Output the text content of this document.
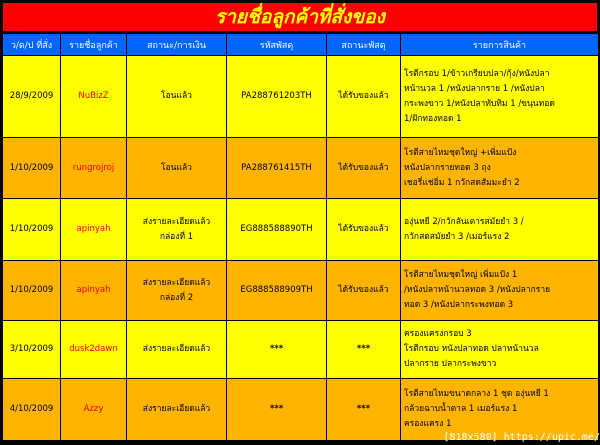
รายชื่อลูกค้าที่สั่งของ
ว/ด/ป ที่สั่ง	รายชื่อลูกค้า	สถานะ/การเงิน	รหัสพัสดุ	สถานะพัสดุ	รายการสินค้า
28/9/2009	NuBizZ	โอนแล้ว	PA288761203TH	ได้รับของแล้ว	โรตีกรอบ 1/ข้าวเกรียบปลา/กุ้ง/หนังปลา
หน้านวล 1 /หนังปลากราย 1 /หนังปลา
กระพงขาว 1/หนังปลาทับทิม 1 /ขนุนทอด
1/ฝักทองทอด 1

1/10/2009	rungrojroj	โอนแล้ว	PA288761415TH	ได้รับของแล้ว	โรตีสายไหมชุดใหญ่ +เพิ่มแป้ง
หนังปลากรายทอด 3 ถุง
เชอรี่แช่อิ่ม 1 กวักสดสัมมะยำ 2

1/10/2009	apinyah	ส่งรายละเอียดแล้ว
กล่องที่ 1	EG888588890TH	ได้รับของแล้ว	องุ่นหยี 2/กวักลันเตารสมัยยำ 3 /
กวักสดสมัยยำ 3 /เมอร์แรง 2

1/10/2009	apinyah	ส่งรายละเอียดแล้ว
กล่องที่ 2	EG888588909TH	ได้รับของแล้ว	โรตีสายไหมชุดใหญ่ เพิ่มแป้ง 1
/หนังปลาหน้านวลทอด 3 /หนังปลากราย
ทอด 3 /หนังปลากระพงทอด 3

3/10/2009	dusk2dawn	ส่งรายละเอียดแล้ว	***	***	ครองแครงกรอบ 3
โรตีกรอบ หนังปลาทอด ปลาหน้านวล
ปลากราย ปลากระพงขาว

4/10/2009	Azzy	ส่งรายละเอียดแล้ว	***	***	โรตีสายไหมขนาดกลาง 1 ชุด องุ่นหยี 1
กล้วยฉาบน้ำตาล 1 เมอร์แรง 1
ครองแครง 1
[818x580] https://upic.me/
